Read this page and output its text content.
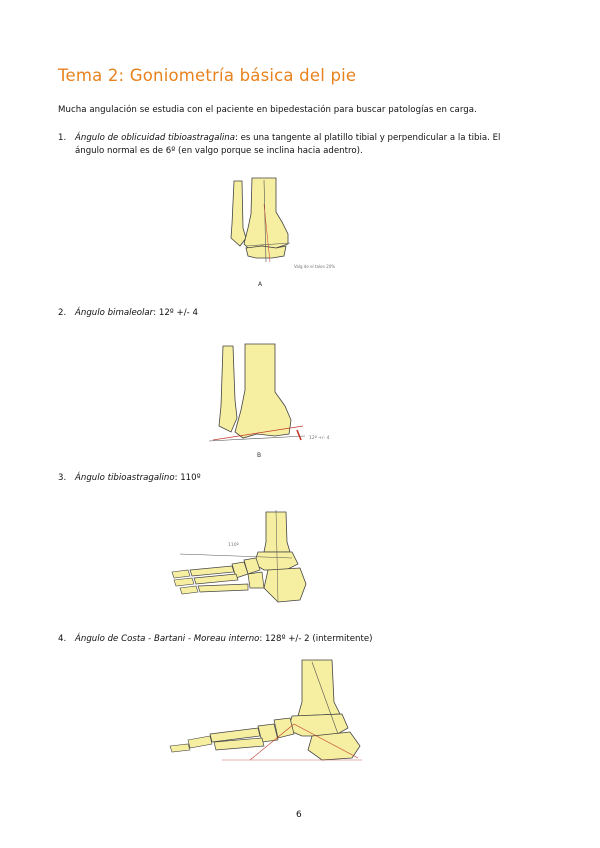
Tema 2: Goniometría básica del pie
Mucha angulación se estudia con el paciente en bipedestación para buscar patologías en carga.
1.	Ángulo de oblicuidad tibioastragalina: es una tangente al platillo tibial y perpendicular a la tibia. El
ángulo normal es de 6º (en valgo porque se inclina hacia adentro).
Valg de el talon 20%
A
2.	Ángulo bimaleolar: 12º +/- 4
12º +/- 4
B
3.	Ángulo tibioastragalino: 110º
110º
4.	Ángulo de Costa - Bartani - Moreau interno: 128º +/- 2 (intermitente)
6
